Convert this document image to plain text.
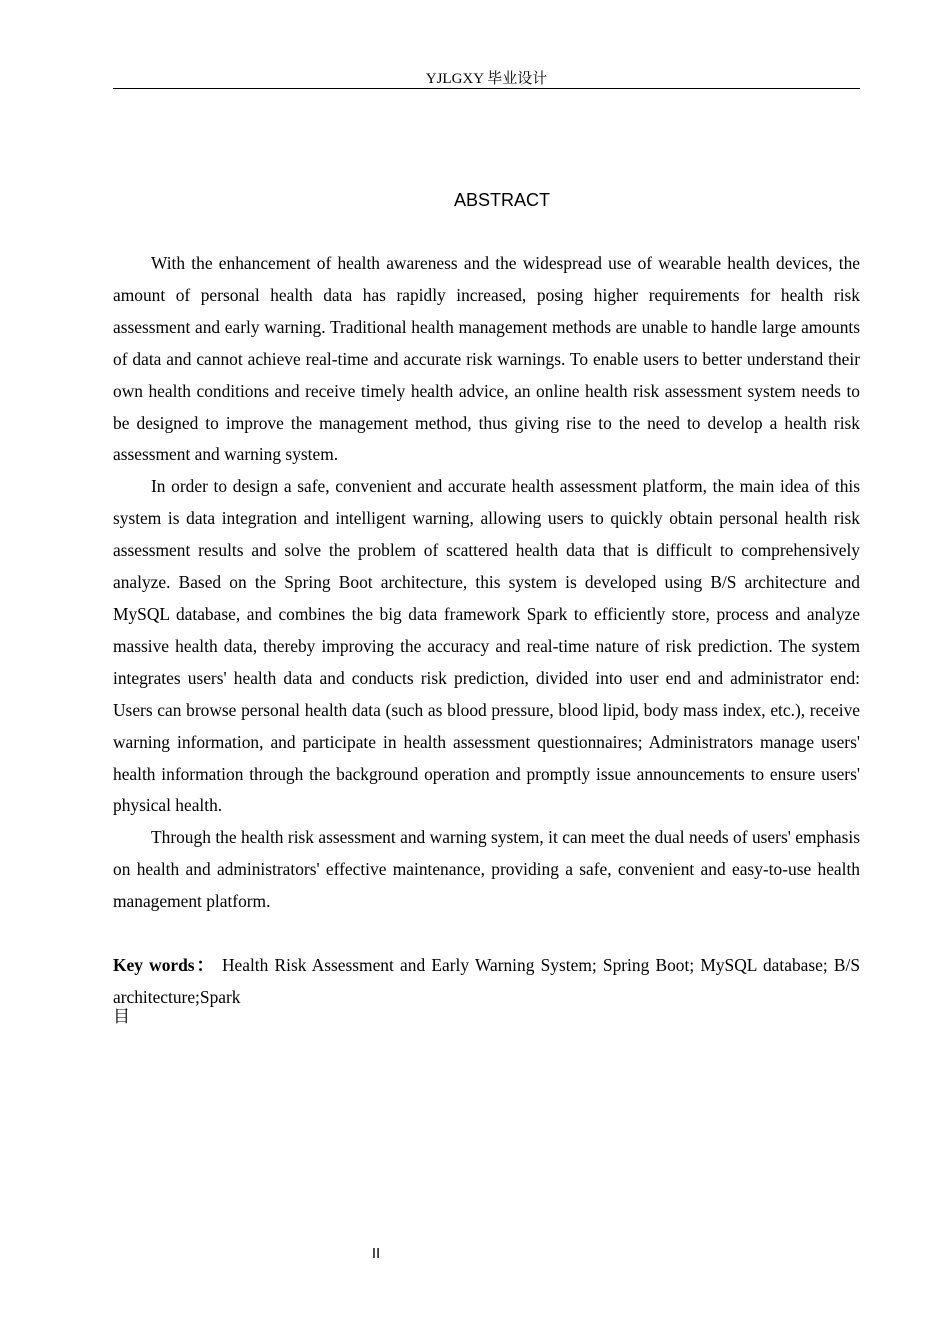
YJLGXY 毕业设计
ABSTRACT

With the enhancement of health awareness and the widespread use of wearable health devices, the amount of personal health data has rapidly increased, posing higher requirements for health risk assessment and early warning. Traditional health management methods are unable to handle large amounts of data and cannot achieve real-time and accurate risk warnings. To enable users to better understand their own health conditions and receive timely health advice, an online health risk assessment system needs to be designed to improve the management method, thus giving rise to the need to develop a health risk assessment and warning system.

In order to design a safe, convenient and accurate health assessment platform, the main idea of this system is data integration and intelligent warning, allowing users to quickly obtain personal health risk assessment results and solve the problem of scattered health data that is difficult to comprehensively analyze. Based on the Spring Boot architecture, this system is developed using B/S architecture and MySQL database, and combines the big data framework Spark to efficiently store, process and analyze massive health data, thereby improving the accuracy and real-time nature of risk prediction. The system integrates users' health data and conducts risk prediction, divided into user end and administrator end: Users can browse personal health data (such as blood pressure, blood lipid, body mass index, etc.), receive warning information, and participate in health assessment questionnaires; Administrators manage users' health information through the background operation and promptly issue announcements to ensure users' physical health.

Through the health risk assessment and warning system, it can meet the dual needs of users' emphasis on health and administrators' effective maintenance, providing a safe, convenient and easy-to-use health management platform.

Key words： Health Risk Assessment and Early Warning System; Spring Boot; MySQL database; B/S architecture;Spark

目
II
